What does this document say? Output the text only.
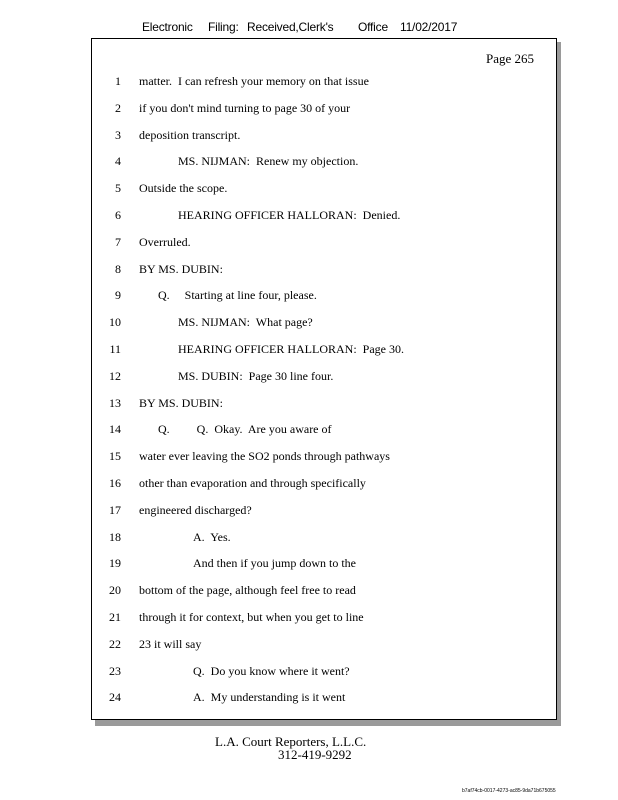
Electronic Filing: Received,Clerk's Office 11/02/2017
Page 265
1 matter.  I can refresh your memory on that issue
2 if you don't mind turning to page 30 of your
3 deposition transcript.
4	MS. NIJMAN:  Renew my objection.
5 Outside the scope.
6	HEARING OFFICER HALLORAN:  Denied.
7 Overruled.
8 BY MS. DUBIN:
9	Q.     Starting at line four, please.
10	MS. NIJMAN:  What page?
11	HEARING OFFICER HALLORAN:  Page 30.
12	MS. DUBIN:  Page 30 line four.
13 BY MS. DUBIN:
14	Q.         Q.  Okay.  Are you aware of
15 water ever leaving the SO2 ponds through pathways
16 other than evaporation and through specifically
17 engineered discharged?
18	A.  Yes.
19	And then if you jump down to the
20 bottom of the page, although feel free to read
21 through it for context, but when you get to line
22 23 it will say
23	Q.  Do you know where it went?
24	A.  My understanding is it went
L.A. Court Reporters, L.L.C.
312-419-9292
b7af74cb-0017-4273-ac85-9da71b675055
